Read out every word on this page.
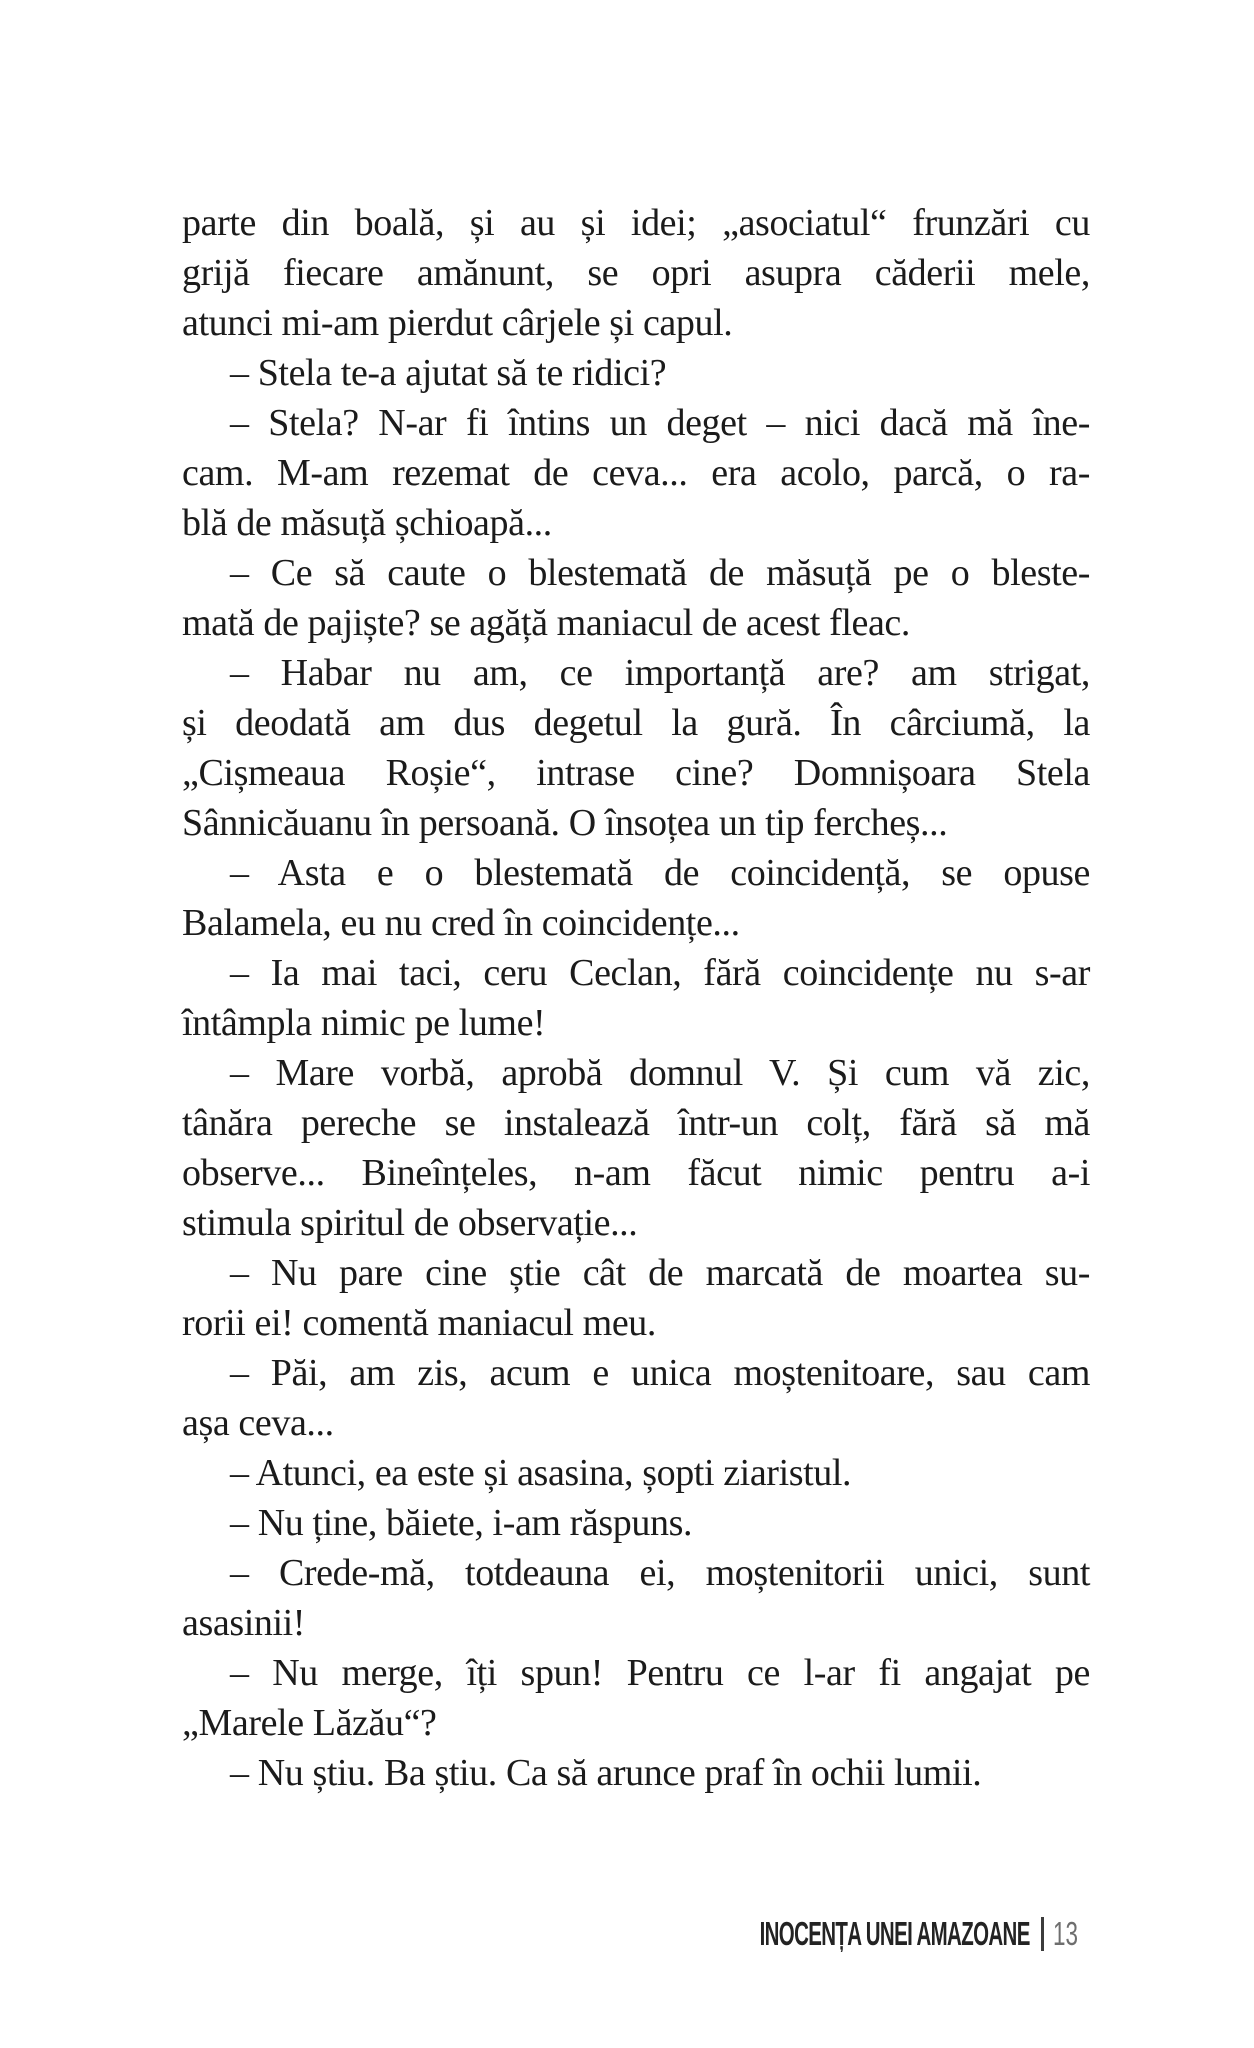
parte din boală, și au și idei; „asociatul“ frunzări cu
grijă fiecare amănunt, se opri asupra căderii mele,
atunci mi-am pierdut cârjele și capul.
– Stela te-a ajutat să te ridici?
– Stela? N-ar fi întins un deget – nici dacă mă îne-
cam. M-am rezemat de ceva... era acolo, parcă, o ra-
blă de măsuță șchioapă...
– Ce să caute o blestemată de măsuță pe o bleste-
mată de pajiște? se agăță maniacul de acest fleac.
– Habar nu am, ce importanță are? am strigat,
și deodată am dus degetul la gură. În cârciumă, la
„Cișmeaua Roșie“, intrase cine? Domnișoara Stela
Sânnicăuanu în persoană. O însoțea un tip fercheș...
– Asta e o blestemată de coincidență, se opuse
Balamela, eu nu cred în coincidențe...
– Ia mai taci, ceru Ceclan, fără coincidențe nu s-ar
întâmpla nimic pe lume!
– Mare vorbă, aprobă domnul V. Și cum vă zic,
tânăra pereche se instalează într-un colț, fără să mă
observe... Bineînțeles, n-am făcut nimic pentru a-i
stimula spiritul de observație...
– Nu pare cine știe cât de marcată de moartea su-
rorii ei! comentă maniacul meu.
– Păi, am zis, acum e unica moștenitoare, sau cam
așa ceva...
– Atunci, ea este și asasina, șopti ziaristul.
– Nu ține, băiete, i-am răspuns.
– Crede-mă, totdeauna ei, moștenitorii unici, sunt
asasinii!
– Nu merge, îți spun! Pentru ce l-ar fi angajat pe
„Marele Lăzău“?
– Nu știu. Ba știu. Ca să arunce praf în ochii lumii.
INOCENȚA UNEI AMAZOANE 13
